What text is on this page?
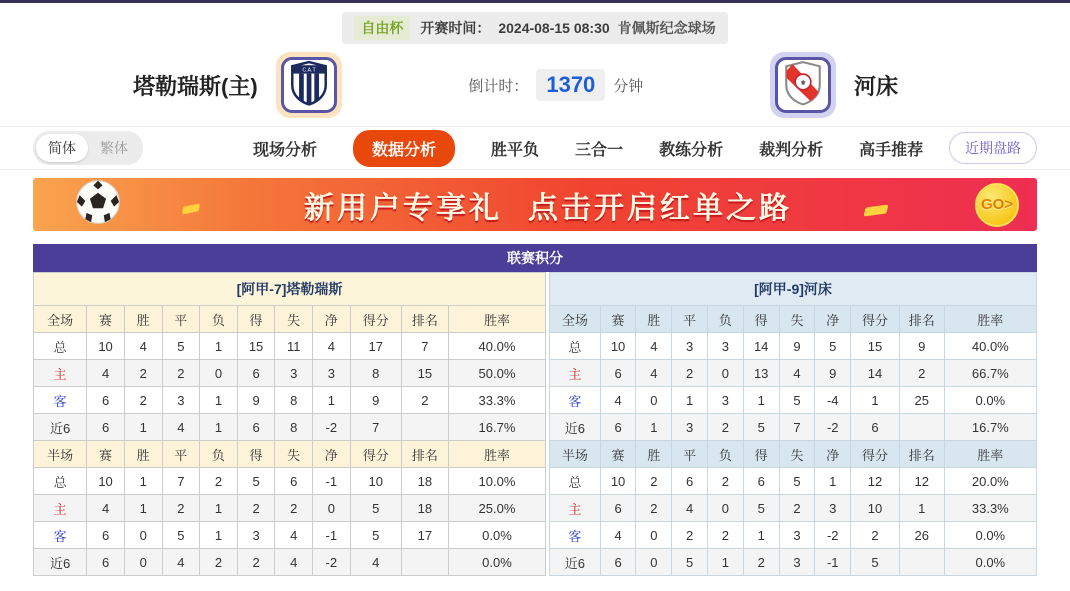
自由杯	开赛时间： 2024-08-15 08:30 肯佩斯纪念球场
塔勒瑞斯(主)
C.A.T
倒计时： 1370	分钟	⚜ 河床
简体	繁体	现场分析	数据分析	胜平负 三合一 教练分析 裁判分析 高手推荐	近期盘路
新用户专享礼 点击开启红单之路	GO>
联赛积分
[阿甲-7]塔勒瑞斯
全场	赛	胜	平	负	得	失	净	得分	排名	胜率
总	10	4	5	1	15	11	4	17	7	40.0%
主	4	2	2	0	6	3	3	8	15	50.0%
客	6	2	3	1	9	8	1	9	2	33.3%
近6	6	1	4	1	6	8	-2	7		16.7%
半场	赛	胜	平	负	得	失	净	得分	排名	胜率
总	10	1	7	2	5	6	-1	10	18	10.0%
主	4	1	2	1	2	2	0	5	18	25.0%
客	6	0	5	1	3	4	-1	5	17	0.0%
近6	6	0	4	2	2	4	-2	4		0.0%
[阿甲-9]河床
全场	赛	胜	平	负	得	失	净	得分	排名	胜率
总	10	4	3	3	14	9	5	15	9	40.0%
主	6	4	2	0	13	4	9	14	2	66.7%
客	4	0	1	3	1	5	-4	1	25	0.0%
近6	6	1	3	2	5	7	-2	6		16.7%
半场	赛	胜	平	负	得	失	净	得分	排名	胜率
总	10	2	6	2	6	5	1	12	12	20.0%
主	6	2	4	0	5	2	3	10	1	33.3%
客	4	0	2	2	1	3	-2	2	26	0.0%
近6	6	0	5	1	2	3	-1	5		0.0%
